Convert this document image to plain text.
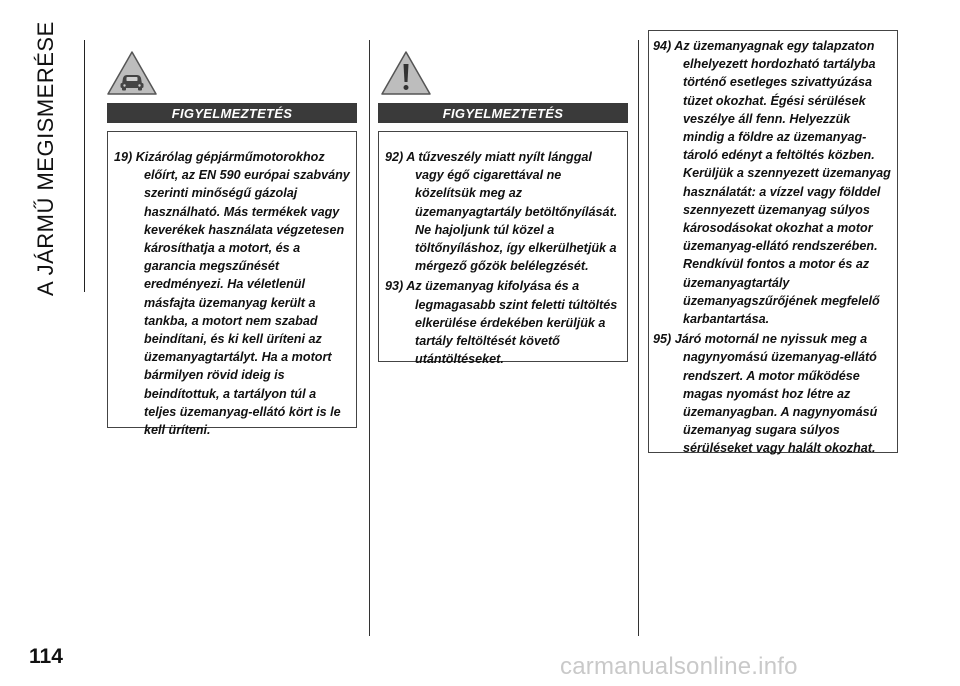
A JÁRMŰ MEGISMERÉSE	FIGYELMEZTETÉS

19) Kizárólag gépjárműmotorokhoz előírt, az EN 590 európai szabvány szerinti minőségű gázolaj használható. Más termékek vagy keverékek használata végzetesen károsíthatja a motort, és a garancia megszűnését eredményezi. Ha véletlenül másfajta üzemanyag került a tankba, a motort nem szabad beindítani, és ki kell üríteni az üzemanyagtartályt. Ha a motort bármilyen rövid ideig is beindítottuk, a tartályon túl a teljes üzemanyag-ellátó kört is le kell üríteni.

FIGYELMEZTETÉS

92) A tűzveszély miatt nyílt lánggal vagy égő cigarettával ne közelítsük meg az üzemanyagtartály betöltőnyílását. Ne hajoljunk túl közel a töltőnyíláshoz, így elkerülhetjük a mérgező gőzök belélegzését.

93) Az üzemanyag kifolyása és a legmagasabb szint feletti túltöltés elkerülése érdekében kerüljük a tartály feltöltését követő utántöltéseket.

94) Az üzemanyagnak egy talapzaton elhelyezett hordozható tartályba történő esetleges szivattyúzása tüzet okozhat. Égési sérülések veszélye áll fenn. Helyezzük mindig a földre az üzemanyag-tároló edényt a feltöltés közben. Kerüljük a szennyezett üzemanyag használatát: a vízzel vagy földdel szennyezett üzemanyag súlyos károsodásokat okozhat a motor üzemanyag-ellátó rendszerében. Rendkívül fontos a motor és az üzemanyagtartály üzemanyagszűrőjének megfelelő karbantartása.

95) Járó motornál ne nyissuk meg a nagynyomású üzemanyag-ellátó rendszert. A motor működése magas nyomást hoz létre az üzemanyagban. A nagynyomású üzemanyag sugara súlyos sérüléseket vagy halált okozhat.

114	carmanualsonline.info
